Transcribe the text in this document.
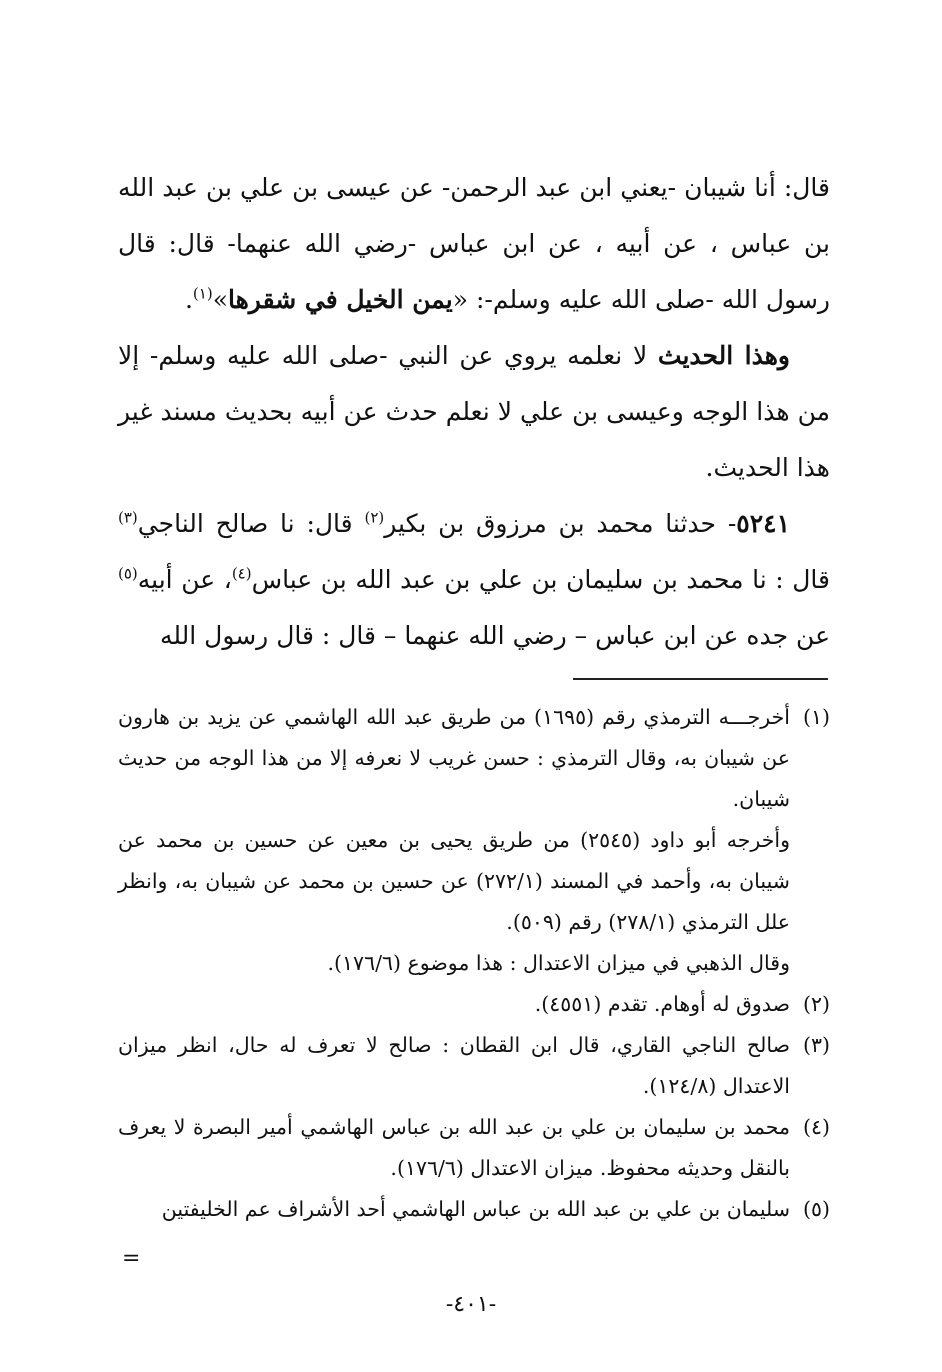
قال: أنا شيبان -يعني ابن عبد الرحمن- عن عيسى بن علي بن عبد الله بن عباس ، عن أبيه ، عن ابن عباس -رضي الله عنهما- قال: قال رسول الله -صلى الله عليه وسلم-: «يمن الخيل في شقرها»$^{(١)}$.

وهذا الحديث لا نعلمه يروي عن النبي -صلى الله عليه وسلم- إلا من هذا الوجه وعيسى بن علي لا نعلم حدث عن أبيه بحديث مسند غير هذا الحديث.

٥٢٤١- حدثنا محمد بن مرزوق بن بكير$^{(٢)}$ قال: نا صالح الناجي$^{(٣)}$ قال : نا محمد بن سليمان بن علي بن عبد الله بن عباس$^{(٤)}$، عن أبيه$^{(٥)}$ عن جده عن ابن عباس – رضي الله عنهما – قال : قال رسول الله

(١)

أخرجـــه الترمذي رقم (١٦٩٥) من طريق عبد الله الهاشمي عن يزيد بن هارون عن شيبان به، وقال الترمذي : حسن غريب لا نعرفه إلا من هذا الوجه من حديث شيبان.

وأخرجه أبو داود (٢٥٤٥) من طريق يحيى بن معين عن حسين بن محمد عن شيبان به، وأحمد في المسند (٢٧٢/١) عن حسين بن محمد عن شيبان به، وانظر علل الترمذي (٢٧٨/١) رقم (٥٠٩).

وقال الذهبي في ميزان الاعتدال : هذا موضوع (١٧٦/٦).

(٢)

صدوق له أوهام. تقدم (٤٥٥١).

(٣)

صالح الناجي القاري، قال ابن القطان : صالح لا تعرف له حال، انظر ميزان الاعتدال (١٢٤/٨).

(٤)

محمد بن سليمان بن علي بن عبد الله بن عباس الهاشمي أمير البصرة لا يعرف بالنقل وحديثه محفوظ. ميزان الاعتدال (١٧٦/٦).

(٥)

سليمان بن علي بن عبد الله بن عباس الهاشمي أحد الأشراف عم الخليفتين

=
-٤٠١-
